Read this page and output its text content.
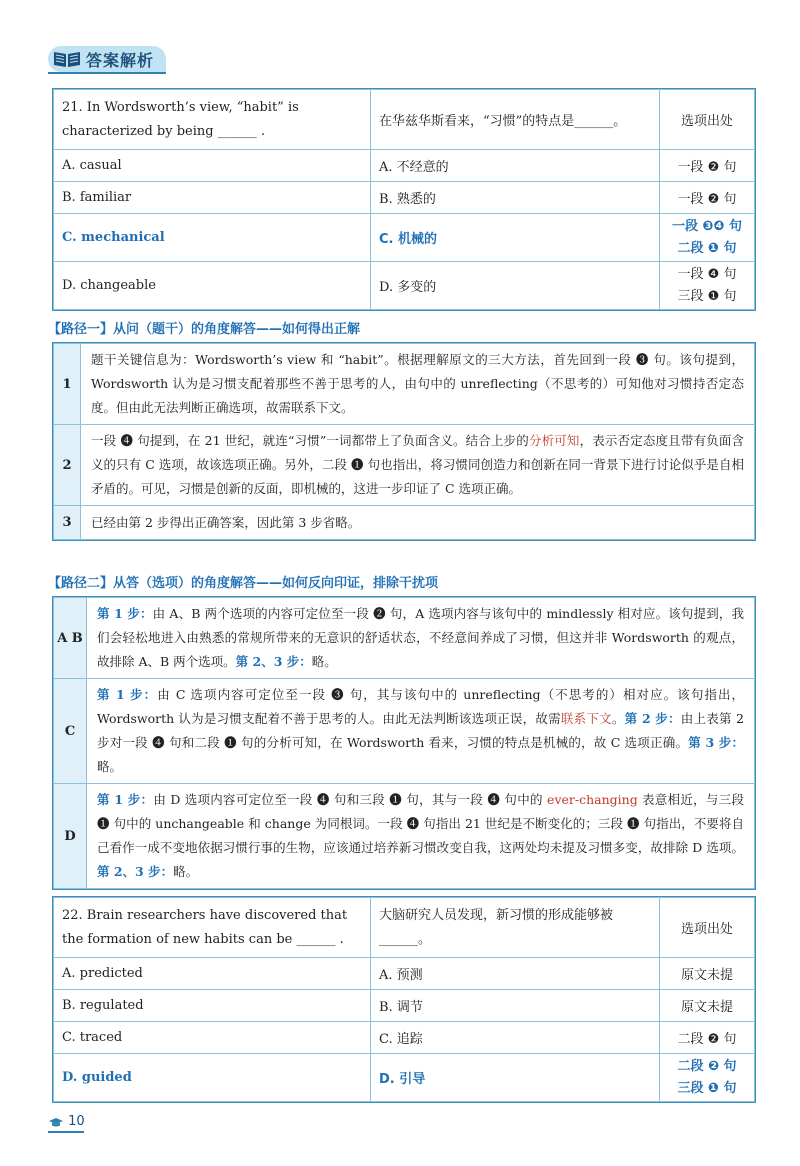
答案解析
21. In Wordsworth’s view, “habit” is characterized by being ______ .	在华兹华斯看来，“习惯”的特点是______。	选项出处
A. casual	A. 不经意的	一段 ❷ 句
B. familiar	B. 熟悉的	一段 ❷ 句
C. mechanical	C. 机械的	一段 ❸❹ 句
二段 ❶ 句

D. changeable	D. 多变的	一段 ❹ 句
三段 ❶ 句
【路径一】从问（题干）的角度解答——如何得出正解
1	题干关键信息为：Wordsworth’s view 和 “habit”。根据理解原文的三大方法，首先回到一段 ❸ 句。该句提到，Wordsworth 认为是习惯支配着那些不善于思考的人，由句中的 unreflecting（不思考的）可知他对习惯持否定态度。但由此无法判断正确选项，故需联系下文。
2	一段 ❹ 句提到，在 21 世纪，就连“习惯”一词都带上了负面含义。结合上步的分析可知，表示否定态度且带有负面含义的只有 C 选项，故该选项正确。另外，二段 ❶ 句也指出，将习惯同创造力和创新在同一背景下进行讨论似乎是自相矛盾的。可见，习惯是创新的反面，即机械的，这进一步印证了 C 选项正确。
3	已经由第 2 步得出正确答案，因此第 3 步省略。
【路径二】从答（选项）的角度解答——如何反向印证，排除干扰项
A B	第 1 步：由 A、B 两个选项的内容可定位至一段 ❷ 句，A 选项内容与该句中的 mindlessly 相对应。该句提到，我们会轻松地进入由熟悉的常规所带来的无意识的舒适状态，不经意间养成了习惯，但这并非 Wordsworth 的观点，故排除 A、B 两个选项。第 2、3 步：略。
C	第 1 步：由 C 选项内容可定位至一段 ❸ 句，其与该句中的 unreflecting（不思考的）相对应。该句指出，Wordsworth 认为是习惯支配着不善于思考的人。由此无法判断该选项正误，故需联系下文。第 2 步：由上表第 2 步对一段 ❹ 句和二段 ❶ 句的分析可知，在 Wordsworth 看来，习惯的特点是机械的，故 C 选项正确。第 3 步：略。
D	第 1 步：由 D 选项内容可定位至一段 ❹ 句和三段 ❶ 句，其与一段 ❹ 句中的 ever-changing 表意相近，与三段 ❶ 句中的 unchangeable 和 change 为同根词。一段 ❹ 句指出 21 世纪是不断变化的；三段 ❶ 句指出，不要将自己看作一成不变地依据习惯行事的生物，应该通过培养新习惯改变自我，这两处均未提及习惯多变，故排除 D 选项。第 2、3 步：略。
22. Brain researchers have discovered that the formation of new habits can be ______ .	大脑研究人员发现，新习惯的形成能够被______。	选项出处
A. predicted	A. 预测	原文未提
B. regulated	B. 调节	原文未提
C. traced	C. 追踪	二段 ❷ 句
D. guided	D. 引导	二段 ❷ 句
三段 ❶ 句
10
